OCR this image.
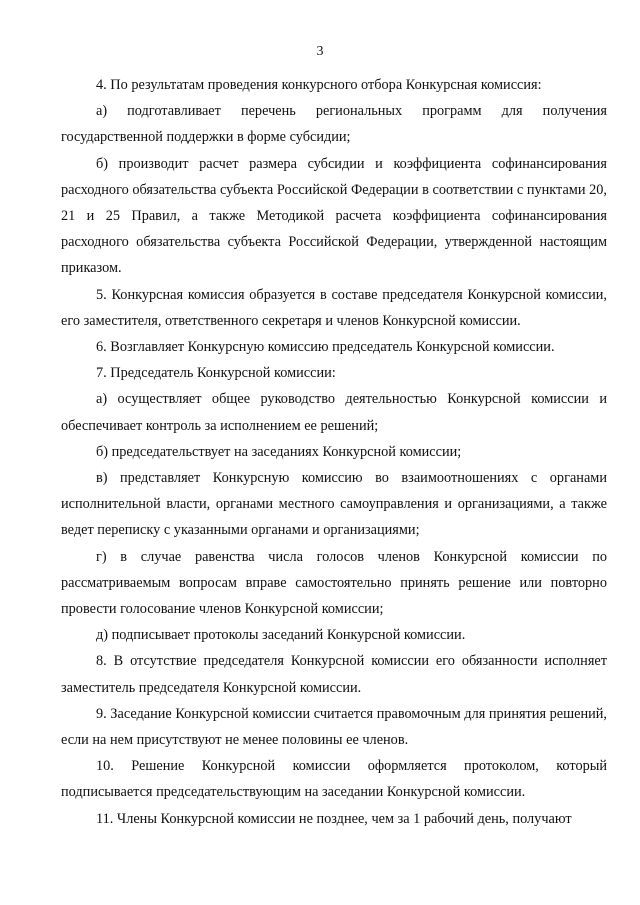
3

4. По результатам проведения конкурсного отбора Конкурсная комиссия:

а) подготавливает перечень региональных программ для получения государственной поддержки в форме субсидии;

б) производит расчет размера субсидии и коэффициента софинансирования расходного обязательства субъекта Российской Федерации в соответствии с пунктами 20, 21 и 25 Правил, а также Методикой расчета коэффициента софинансирования расходного обязательства субъекта Российской Федерации, утвержденной настоящим приказом.

5. Конкурсная комиссия образуется в составе председателя Конкурсной комиссии, его заместителя, ответственного секретаря и членов Конкурсной комиссии.

6. Возглавляет Конкурсную комиссию председатель Конкурсной комиссии.

7. Председатель Конкурсной комиссии:

а) осуществляет общее руководство деятельностью Конкурсной комиссии и обеспечивает контроль за исполнением ее решений;

б) председательствует на заседаниях Конкурсной комиссии;

в) представляет Конкурсную комиссию во взаимоотношениях с органами исполнительной власти, органами местного самоуправления и организациями, а также ведет переписку с указанными органами и организациями;

г) в случае равенства числа голосов членов Конкурсной комиссии по рассматриваемым вопросам вправе самостоятельно принять решение или повторно провести голосование членов Конкурсной комиссии;

д) подписывает протоколы заседаний Конкурсной комиссии.

8. В отсутствие председателя Конкурсной комиссии его обязанности исполняет заместитель председателя Конкурсной комиссии.

9. Заседание Конкурсной комиссии считается правомочным для принятия решений, если на нем присутствуют не менее половины ее членов.

10. Решение Конкурсной комиссии оформляется протоколом, который подписывается председательствующим на заседании Конкурсной комиссии.

11. Члены Конкурсной комиссии не позднее, чем за 1 рабочий день, получают
